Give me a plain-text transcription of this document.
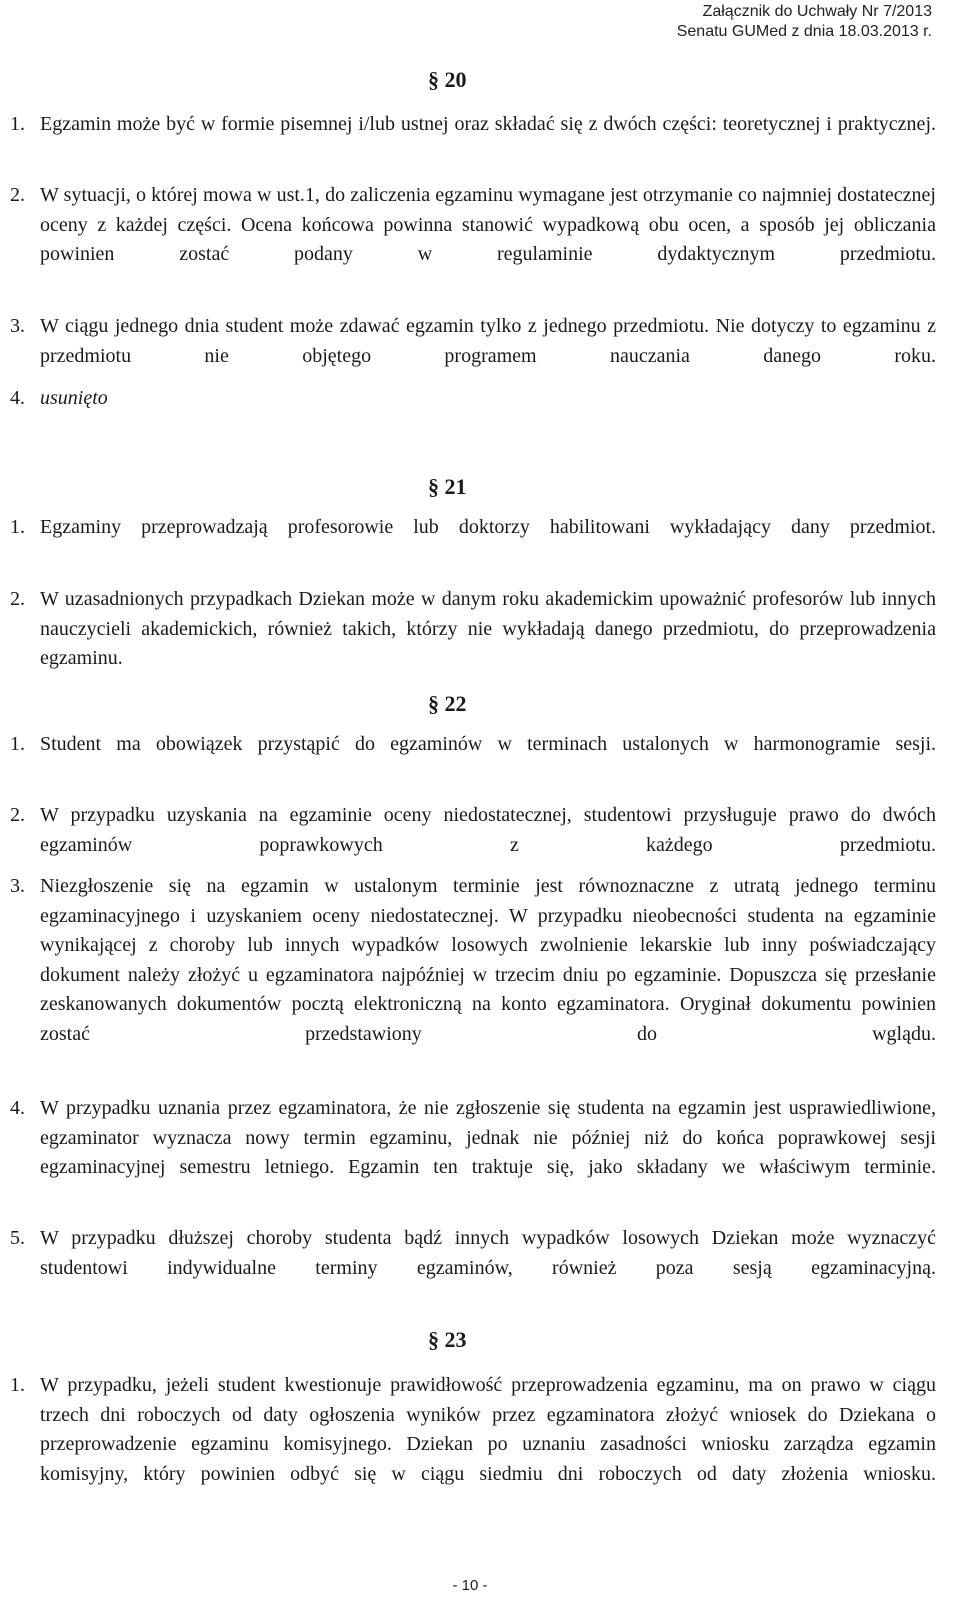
Załącznik do Uchwały Nr 7/2013
Senatu GUMed z dnia 18.03.2013 r.
§ 20
1. Egzamin może być w formie pisemnej i/lub ustnej oraz składać się z dwóch części: teoretycznej i praktycznej.
2. W sytuacji, o której mowa w ust.1, do zaliczenia egzaminu wymagane jest otrzymanie co najmniej dostatecznej oceny z każdej części. Ocena końcowa powinna stanowić wypadkową obu ocen, a sposób jej obliczania powinien zostać podany w regulaminie dydaktycznym przedmiotu.
3. W ciągu jednego dnia student może zdawać egzamin tylko z jednego przedmiotu. Nie dotyczy to egzaminu z przedmiotu nie objętego programem nauczania danego roku.
4. usunięto
§ 21
1. Egzaminy przeprowadzają profesorowie lub doktorzy habilitowani wykładający dany przedmiot.
2. W uzasadnionych przypadkach Dziekan może w danym roku akademickim upoważnić profesorów lub innych nauczycieli akademickich, również takich, którzy nie wykładają danego przedmiotu, do przeprowadzenia egzaminu.
§ 22
1. Student ma obowiązek przystąpić do egzaminów w terminach ustalonych w harmonogramie sesji.
2. W przypadku uzyskania na egzaminie oceny niedostatecznej, studentowi przysługuje prawo do dwóch egzaminów poprawkowych z każdego przedmiotu.
3. Niezgłoszenie się na egzamin w ustalonym terminie jest równoznaczne z utratą jednego terminu egzaminacyjnego i uzyskaniem oceny niedostatecznej. W przypadku nieobecności studenta na egzaminie wynikającej z choroby lub innych wypadków losowych zwolnienie lekarskie lub inny poświadczający dokument należy złożyć u egzaminatora najpóźniej w trzecim dniu po egzaminie. Dopuszcza się przesłanie zeskanowanych dokumentów pocztą elektroniczną na konto egzaminatora. Oryginał dokumentu powinien zostać przedstawiony do wglądu.
4. W przypadku uznania przez egzaminatora, że nie zgłoszenie się studenta na egzamin jest usprawiedliwione, egzaminator wyznacza nowy termin egzaminu, jednak nie później niż do końca poprawkowej sesji egzaminacyjnej semestru letniego. Egzamin ten traktuje się, jako składany we właściwym terminie.
5. W przypadku dłuższej choroby studenta bądź innych wypadków losowych Dziekan może wyznaczyć studentowi indywidualne terminy egzaminów, również poza sesją egzaminacyjną.
§ 23
1. W przypadku, jeżeli student kwestionuje prawidłowość przeprowadzenia egzaminu, ma on prawo w ciągu trzech dni roboczych od daty ogłoszenia wyników przez egzaminatora złożyć wniosek do Dziekana o przeprowadzenie egzaminu komisyjnego. Dziekan po uznaniu zasadności wniosku zarządza egzamin komisyjny, który powinien odbyć się w ciągu siedmiu dni roboczych od daty złożenia wniosku.
- 10 -
